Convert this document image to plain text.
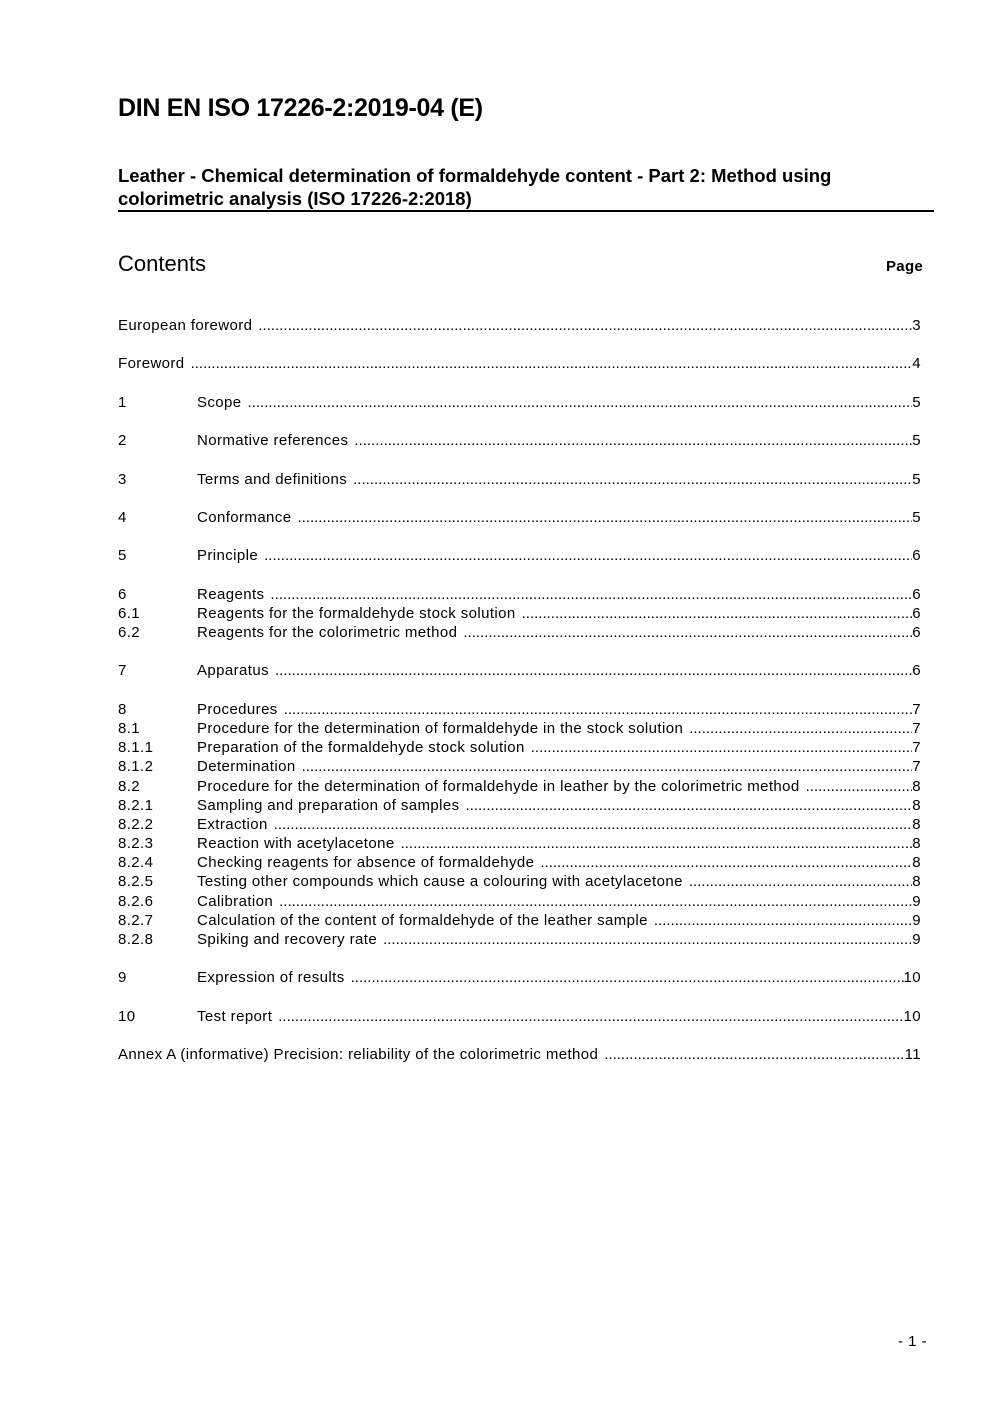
DIN EN ISO 17226-2:2019-04 (E)
Leather - Chemical determination of formaldehyde content - Part 2: Method using colorimetric analysis (ISO 17226-2:2018)
Contents	Page
European foreword .....	3
Foreword .....	4
1	Scope .....	5
2	Normative references .....	5
3	Terms and definitions .....	5
4	Conformance .....	5
5	Principle .....	6
6	Reagents .....	6
6.1	Reagents for the formaldehyde stock solution .....	6
6.2	Reagents for the colorimetric method .....	6
7	Apparatus .....	6
8	Procedures .....	7
8.1	Procedure for the determination of formaldehyde in the stock solution .....	7
8.1.1	Preparation of the formaldehyde stock solution .....	7
8.1.2	Determination .....	7
8.2	Procedure for the determination of formaldehyde in leather by the colorimetric method .....	8
8.2.1	Sampling and preparation of samples .....	8
8.2.2	Extraction .....	8
8.2.3	Reaction with acetylacetone .....	8
8.2.4	Checking reagents for absence of formaldehyde .....	8
8.2.5	Testing other compounds which cause a colouring with acetylacetone .....	8
8.2.6	Calibration .....	9
8.2.7	Calculation of the content of formaldehyde of the leather sample .....	9
8.2.8	Spiking and recovery rate .....	9
9	Expression of results .....	10
10	Test report .....	10
Annex A (informative) Precision: reliability of the colorimetric method .....	11
- 1 -
